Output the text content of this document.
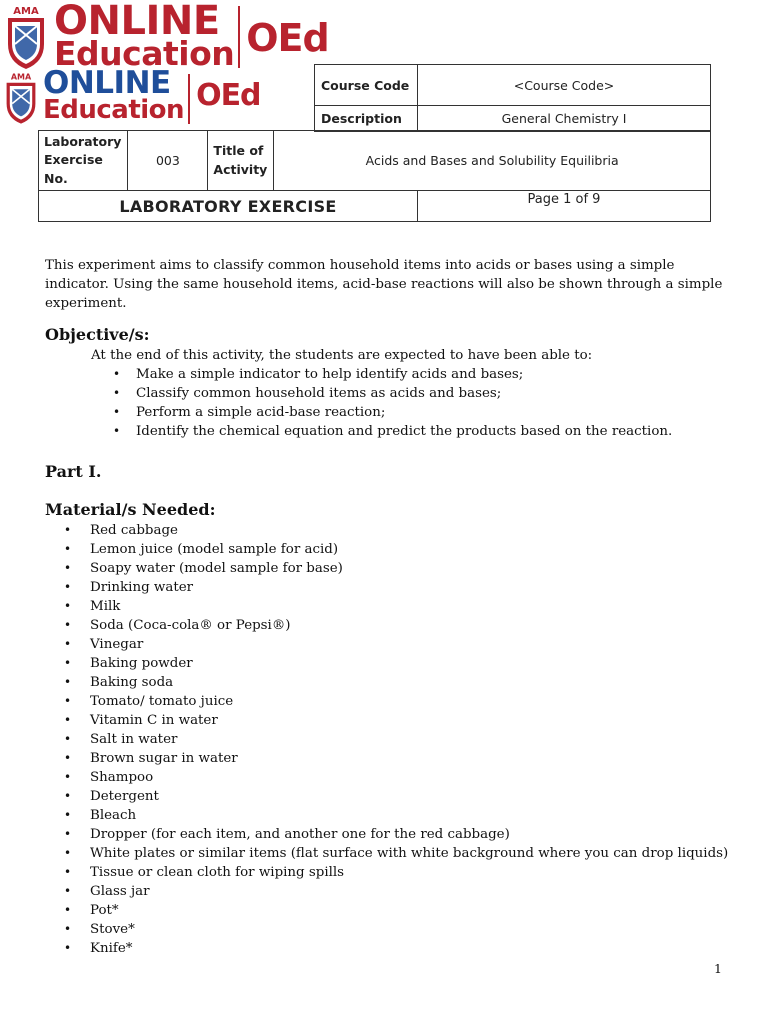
AMA
UNIVERSITY ONLINE
Education OEd
AMA
UNIVERSITY ONLINE
Education OEd	Course Code	<Course Code>
Description	General Chemistry I
Laboratory Exercise No.	003	Title of Activity	Acids and Bases and Solubility Equilibria
LABORATORY EXERCISE	Page 1 of 9

This experiment aims to classify common household items into acids or bases using a simple indicator. Using the same household items, acid-base reactions will also be shown through a simple experiment.

Objective/s:

At the end of this activity, the students are expected to have been able to:

• Make a simple indicator to help identify acids and bases;
• Classify common household items as acids and bases;
• Perform a simple acid-base reaction;
• Identify the chemical equation and predict the products based on the reaction.

Part I.

Material/s Needed:

• Red cabbage
• Lemon juice (model sample for acid)
• Soapy water (model sample for base)
• Drinking water
• Milk
• Soda (Coca-cola® or Pepsi®)
• Vinegar
• Baking powder
• Baking soda
• Tomato/ tomato juice
• Vitamin C in water
• Salt in water
• Brown sugar in water
• Shampoo
• Detergent
• Bleach
• Dropper (for each item, and another one for the red cabbage)
• White plates or similar items (flat surface with white background where you can drop liquids)
• Tissue or clean cloth for wiping spills
• Glass jar
• Pot*
• Stove*
• Knife*
1
